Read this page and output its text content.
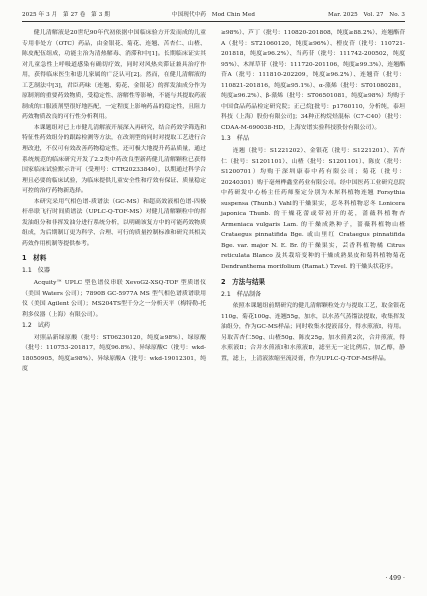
2025 年 3 月　第 27 卷　第 3 期	中国现代中药　Mod Chin Med	Mar. 2025　Vol. 27　No. 3

健儿清解液是20世纪90年代初依据中国临床验方开发而成的儿童专用非处方（OTC）药品，由金银花、菊花、连翘、苦杏仁、山楂、陈皮配伍组成，功能主治为清热解毒、消滞和中[1]。长期临床证实其对儿童急性上呼吸道感染有确切疗效，同时对风热夹滞证兼具治疗作用，获得临床医生和患儿家属的广泛认可[2]。然而，在健儿清解液的工艺制法中[3]，君臣药味（连翘、菊花、金银花）的挥发油成分作为原制剂的重要药效物质，受稳定性、溶解性等影响，不能与其提取药液制成的口服液剂型很好地匹配，一定程度上影响药品的稳定性，且阻力药效物质改良的可行性分析利用。

本课题组对已上市健儿清解液开展深入再研究，结合药效学筛选和特征性药效组分的跟踪检测等方法，在改剂型的同时对提取工艺进行合理改进，不仅可有效改善药物稳定性，还可极大地提升药品质量，通过系统规范的临床研究开发了2.2类中药改良型新药健儿清解颗粒已获得国家临床试验默示许可（受理号：CTR20233840），以期通过科学合理且必要的临床试验，为临床提供儿童安全性和疗效有保证、质量稳定可控的治疗药物新选择。

本研究采用气相色谱-质谱法（GC-MS）和超高效液相色谱-四极杆串联飞行时间质谱法（UPLC-Q-TOF-MS）对健儿清解颗粒中的挥发油组分和非挥发油分进行系统分析，以明确该复方中的可能药效物质组成，为后期制订更为科学、合理、可行的质量控制标准和研究其相关药效作用机制等提供参考。

1　材料
1.1　仪器

Acquity™ UPLC 型色谱仪串联 XevoG2-XSQ-TOF 型质谱仪（美国 Waters 公司）；7890B GC-5977A MS 型气相色谱质谱联用仪（美国 Agilent 公司）；MS204TS型千分之一分析天平（梅特勒-托利多仪器（上海）有限公司）。

1.2　试药

对照品新绿原酸（批号：ST06230120，纯度≥98%）、绿原酸（批号：110753-201817，纯度96.8%）、异绿原酸C（批号：wkd-18050905，纯度≥98%）、异绿原酸A（批号：wkd-19012301，纯度

≥98%）、芦丁（批号：110820-201808，纯度≥88.2%）、连翘酯苷A（批号：ST21060120，纯度≥96%）、橙皮苷（批号：110721-201818，纯度≥96.2%）、当药苷（批号：111742-200502，纯度95%）、木犀草苷（批号：111720-201106，纯度≥99.3%）、连翘酯苷A（批号：111810-202209，纯度≥96.2%）、连翘苷（批号：110821-201816，纯度≥95.1%）、α-蒎烯（批号：ST01080281，纯度≥96.2%）、β-蒎烯（批号：ST06501081，纯度≥98%）均购于中国食品药品检定研究院；正己烷[批号：p1760110，分析纯，泰坦科技（上海）股份有限公司]；34种正构烷烃混标（C7-C40）（批号：CDAA-M-690038-HD，上海安谱实验科技股份有限公司）。

1.3　样品

连翘（批号：S1221202）、金银花（批号：S1221201）、苦杏仁（批号：S1201101）、山楂（批号：S1201101）、陈皮（批号：S1200701）均购于深圳康泰中药有限公司；菊花（批号：20240301）购于亳州桦鑫堂药业有限公司。经中国医药工业研究总院中药研发中心杨主任药师鉴定分别为木犀科植物连翘 Forsythia suspensa (Thunb.) Vahl的干燥果实，忍冬科植物忍冬 Lonicera japonica Thunb. 的干燥花蕾或带初开的花，蔷薇科植物杏 Armeniaca vulgaris Lam. 的干燥成熟种子，蔷薇科植物山楂 Crataegus pinnatifida Bge. 或山里红 Crataegus pinnatifida Bge. var. major N. E. Br. 的干燥果实，芸香科植物橘 Citrus reticulata Blanco 及其栽培变种的干燥成熟果皮和菊科植物菊花 Dendranthema morifolium (Ramat.) Tzvel. 的干燥头状花序。

2　方法与结果
2.1　样品制备

依照本课题组前期研究的健儿清解颗粒处方与提取工艺，取金银花110g、菊花100g、连翘55g，加水，以水蒸气蒸馏法提取，收集挥发油组分，作为GC-MS样品；同时收集水提液部分，得水煎液Ⅰ，待用。另取苦杏仁50g、山楂50g、陈皮25g，加水煎煮2次，合并煎液，得水煎液Ⅱ；合并水煎液Ⅰ和水煎液Ⅱ，滤至无一定比例后，加乙醇，静置，滤上，上清液浓缩至流浸膏，作为UPLC-Q-TOF-MS样品。

· 499 ·
